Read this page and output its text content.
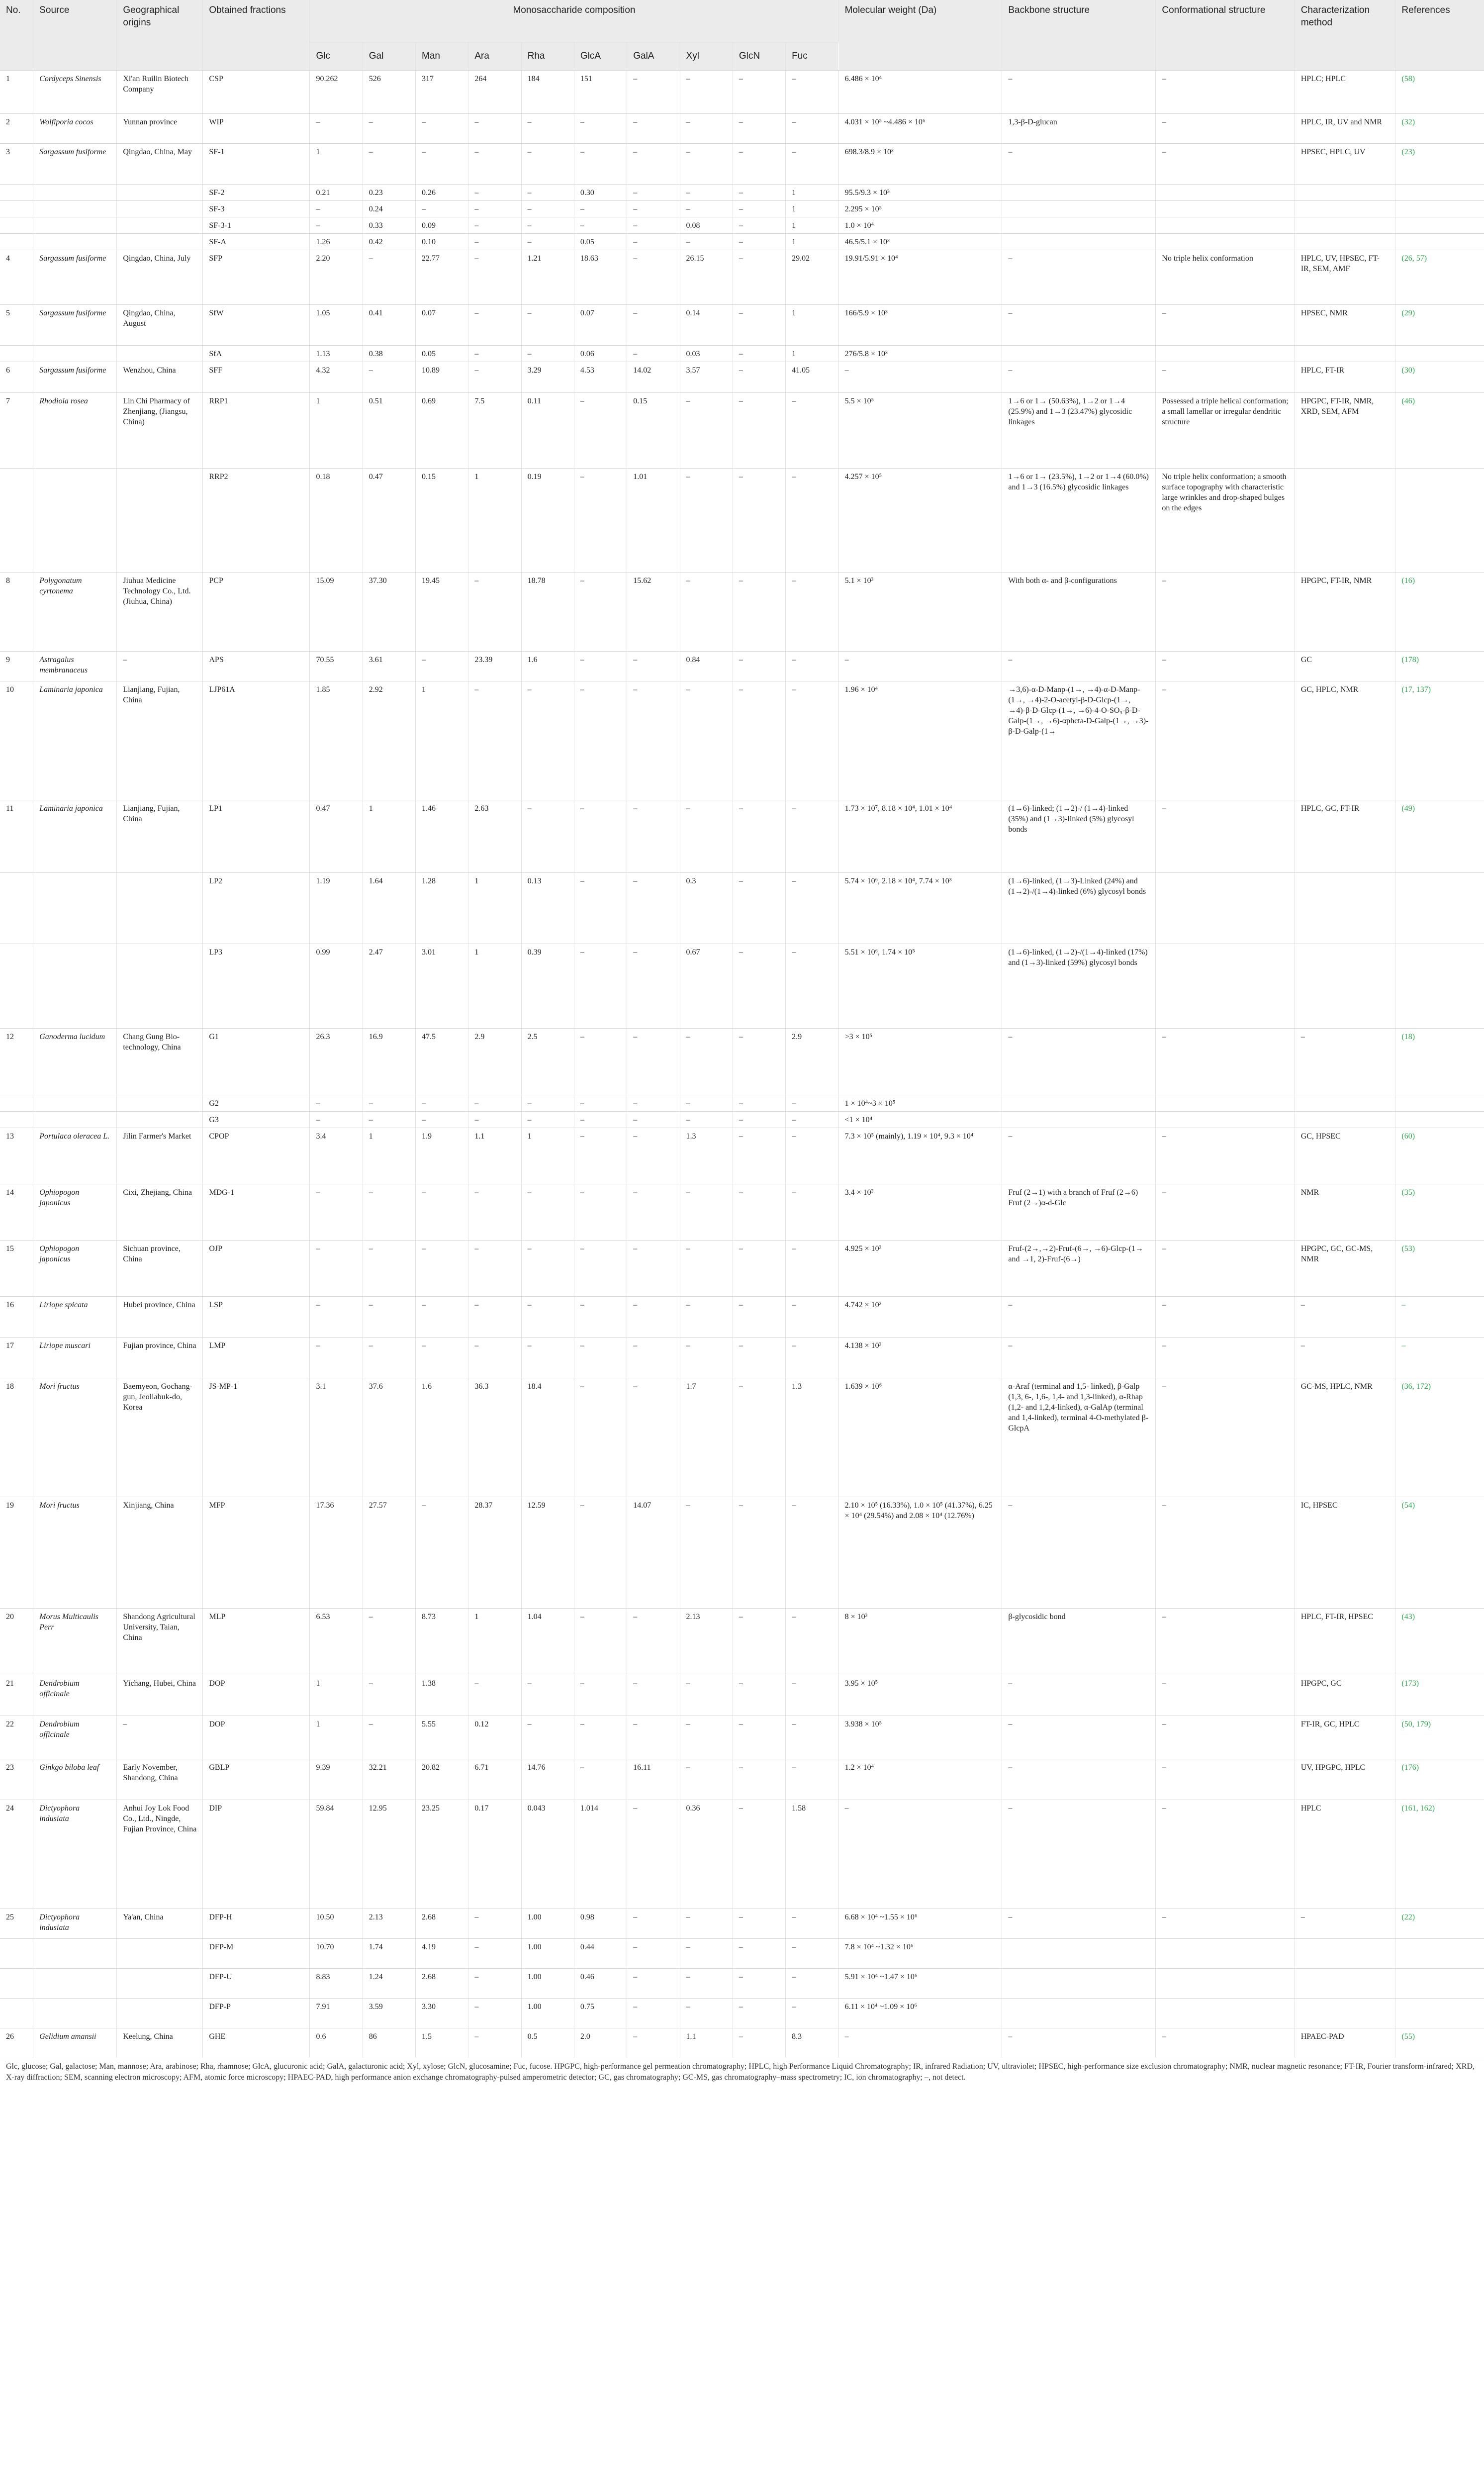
No.	Source	Geographical origins	Obtained fractions	Monosaccharide composition										Molecular weight (Da)	Backbone structure	Conformational structure	Characterization method	References
				Glc	Gal	Man	Ara	Rha	GlcA	GalA	Xyl	GlcN	Fuc					
1	Cordyceps Sinensis	Xi'an Ruilin Biotech Company	CSP	90.262	526	317	264	184	151	–	–	–	–	6.486 × 10⁴	–	–	HPLC; HPLC	(58)
2	Wolfiporia cocos	Yunnan province	WIP	–	–	–	–	–	–	–	–	–	–	4.031 × 10⁵ ~4.486 × 10⁶	1,3-β-D-glucan	–	HPLC, IR, UV and NMR	(32)
3	Sargassum fusiforme	Qingdao, China, May	SF-1	1	–	–	–	–	–	–	–	–	–	698.3/8.9 × 10³	–	–	HPSEC, HPLC, UV	(23)
			SF-2	0.21	0.23	0.26	–	–	0.30	–	–	–	1	95.5/9.3 × 10³				
			SF-3	–	0.24	–	–	–	–	–	–	–	1	2.295 × 10⁵				
			SF-3-1	–	0.33	0.09	–	–	–	–	0.08	–	1	1.0 × 10⁴				
			SF-A	1.26	0.42	0.10	–	–	0.05	–	–	–	1	46.5/5.1 × 10³				
4	Sargassum fusiforme	Qingdao, China, July	SFP	2.20	–	22.77	–	1.21	18.63	–	26.15	–	29.02	19.91/5.91 × 10⁴	–	No triple helix conformation	HPLC, UV, HPSEC, FT-IR, SEM, AMF	(26, 57)
5	Sargassum fusiforme	Qingdao, China, August	SfW	1.05	0.41	0.07	–	–	0.07	–	0.14	–	1	166/5.9 × 10³	–	–	HPSEC, NMR	(29)
			SfA	1.13	0.38	0.05	–	–	0.06	–	0.03	–	1	276/5.8 × 10³				
6	Sargassum fusiforme	Wenzhou, China	SFF	4.32	–	10.89	–	3.29	4.53	14.02	3.57	–	41.05	–	–	–	HPLC, FT-IR	(30)
7	Rhodiola rosea	Lin Chi Pharmacy of Zhenjiang, (Jiangsu, China)	RRP1	1	0.51	0.69	7.5	0.11	–	0.15	–	–	–	5.5 × 10⁵	1→6 or 1→ (50.63%), 1→2 or 1→4 (25.9%) and 1→3 (23.47%) glycosidic linkages	Possessed a triple helical conformation; a small lamellar or irregular dendritic structure	HPGPC, FT-IR, NMR, XRD, SEM, AFM	(46)
			RRP2	0.18	0.47	0.15	1	0.19	–	1.01	–	–	–	4.257 × 10⁵	1→6 or 1→ (23.5%), 1→2 or 1→4 (60.0%) and 1→3 (16.5%) glycosidic linkages	No triple helix conformation; a smooth surface topography with characteristic large wrinkles and drop-shaped bulges on the edges		
8	Polygonatum cyrtonema	Jiuhua Medicine Technology Co., Ltd. (Jiuhua, China)	PCP	15.09	37.30	19.45	–	18.78	–	15.62	–	–	–	5.1 × 10³	With both α- and β-configurations	–	HPGPC, FT-IR, NMR	(16)
9	Astragalus membranaceus	–	APS	70.55	3.61	–	23.39	1.6	–	–	0.84	–	–	–	–	–	GC	(178)
10	Laminaria japonica	Lianjiang, Fujian, China	LJP61A	1.85	2.92	1	–	–	–	–	–	–	–	1.96 × 10⁴	→3,6)-α-D-Manp-(1→, →4)-α-D-Manp-(1→, →4)-2-O-acetyl-β-D-Glcp-(1→, →4)-β-D-Glcp-(1→, →6)-4-O-SO₃-β-D-Galp-(1→, →6)-αphcta-D-Galp-(1→, →3)-β-D-Galp-(1→	–	GC, HPLC, NMR	(17, 137)
11	Laminaria japonica	Lianjiang, Fujian, China	LP1	0.47	1	1.46	2.63	–	–	–	–	–	–	1.73 × 10⁷, 8.18 × 10⁴, 1.01 × 10⁴	(1→6)-linked; (1→2)-/ (1→4)-linked (35%) and (1→3)-linked (5%) glycosyl bonds	–	HPLC, GC, FT-IR	(49)
			LP2	1.19	1.64	1.28	1	0.13	–	–	0.3	–	–	5.74 × 10⁶, 2.18 × 10⁴, 7.74 × 10³	(1→6)-linked, (1→3)-Linked (24%) and (1→2)-/(1→4)-linked (6%) glycosyl bonds			
			LP3	0.99	2.47	3.01	1	0.39	–	–	0.67	–	–	5.51 × 10⁶, 1.74 × 10⁵	(1→6)-linked, (1→2)-/(1→4)-linked (17%) and (1→3)-linked (59%) glycosyl bonds			
12	Ganoderma lucidum	Chang Gung Bio-technology, China	G1	26.3	16.9	47.5	2.9	2.5	–	–	–	–	2.9	>3 × 10⁵	–	–	–	(18)
			G2	–	–	–	–	–	–	–	–	–	–	1 × 10⁴~3 × 10⁵				
			G3	–	–	–	–	–	–	–	–	–	–	<1 × 10⁴				
13	Portulaca oleracea L.	Jilin Farmer's Market	CPOP	3.4	1	1.9	1.1	1	–	–	1.3	–	–	7.3 × 10⁵ (mainly), 1.19 × 10⁴, 9.3 × 10⁴	–	–	GC, HPSEC	(60)
14	Ophiopogon japonicus	Cixi, Zhejiang, China	MDG-1	–	–	–	–	–	–	–	–	–	–	3.4 × 10³	Fruf (2→1) with a branch of Fruf (2→6) Fruf (2→)α-d-Glc	–	NMR	(35)
15	Ophiopogon japonicus	Sichuan province, China	OJP	–	–	–	–	–	–	–	–	–	–	4.925 × 10³	Fruf-(2→,→2)-Fruf-(6→, →6)-Glcp-(1→ and →1, 2)-Fruf-(6→)	–	HPGPC, GC, GC-MS, NMR	(53)
16	Liriope spicata	Hubei province, China	LSP	–	–	–	–	–	–	–	–	–	–	4.742 × 10³	–	–	–	–
17	Liriope muscari	Fujian province, China	LMP	–	–	–	–	–	–	–	–	–	–	4.138 × 10³	–	–	–	–
18	Mori fructus	Baemyeon, Gochang-gun, Jeollabuk-do, Korea	JS-MP-1	3.1	37.6	1.6	36.3	18.4	–	–	1.7	–	1.3	1.639 × 10⁶	α-Araf (terminal and 1,5- linked), β-Galp (1,3, 6-, 1,6-, 1,4- and 1,3-linked), α-Rhap (1,2- and 1,2,4-linked), α-GalAp (terminal and 1,4-linked), terminal 4-O-methylated β-GlcpA	–	GC-MS, HPLC, NMR	(36, 172)
19	Mori fructus	Xinjiang, China	MFP	17.36	27.57	–	28.37	12.59	–	14.07	–	–	–	2.10 × 10⁵ (16.33%), 1.0 × 10⁵ (41.37%), 6.25 × 10⁴ (29.54%) and 2.08 × 10⁴ (12.76%)	–	–	IC, HPSEC	(54)
20	Morus Multicaulis Perr	Shandong Agricultural University, Taian, China	MLP	6.53	–	8.73	1	1.04	–	–	2.13	–	–	8 × 10³	β-glycosidic bond	–	HPLC, FT-IR, HPSEC	(43)
21	Dendrobium officinale	Yichang, Hubei, China	DOP	1	–	1.38	–	–	–	–	–	–	–	3.95 × 10⁵	–	–	HPGPC, GC	(173)
22	Dendrobium officinale	–	DOP	1	–	5.55	0.12	–	–	–	–	–	–	3.938 × 10⁵	–	–	FT-IR, GC, HPLC	(50, 179)
23	Ginkgo biloba leaf	Early November, Shandong, China	GBLP	9.39	32.21	20.82	6.71	14.76	–	16.11	–	–	–	1.2 × 10⁴	–	–	UV, HPGPC, HPLC	(176)
24	Dictyophora indusiata	Anhui Joy Lok Food Co., Ltd., Ningde, Fujian Province, China	DIP	59.84	12.95	23.25	0.17	0.043	1.014	–	0.36	–	1.58	–	–	–	HPLC	(161, 162)
25	Dictyophora indusiata	Ya'an, China	DFP-H	10.50	2.13	2.68	–	1.00	0.98	–	–	–	–	6.68 × 10⁴ ~1.55 × 10⁶	–	–	–	(22)
			DFP-M	10.70	1.74	4.19	–	1.00	0.44	–	–	–	–	7.8 × 10⁴ ~1.32 × 10⁶				
			DFP-U	8.83	1.24	2.68	–	1.00	0.46	–	–	–	–	5.91 × 10⁴ ~1.47 × 10⁶				
			DFP-P	7.91	3.59	3.30	–	1.00	0.75	–	–	–	–	6.11 × 10⁴ ~1.09 × 10⁶				
26	Gelidium amansii	Keelung, China	GHE	0.6	86	1.5	–	0.5	2.0	–	1.1	–	8.3	–	–	–	HPAEC-PAD	(55)
Glc, glucose; Gal, galactose; Man, mannose; Ara, arabinose; Rha, rhamnose; GlcA, glucuronic acid; GalA, galacturonic acid; Xyl, xylose; GlcN, glucosamine; Fuc, fucose. HPGPC, high-performance gel permeation chromatography; HPLC, high Performance Liquid Chromatography; IR, infrared Radiation; UV, ultraviolet; HPSEC, high-performance size exclusion chromatography; NMR, nuclear magnetic resonance; FT-IR, Fourier transform-infrared; XRD, X-ray diffraction; SEM, scanning electron microscopy; AFM, atomic force microscopy; HPAEC-PAD, high performance anion exchange chromatography-pulsed amperometric detector; GC, gas chromatography; GC-MS, gas chromatography–mass spectrometry; IC, ion chromatography; –, not detect.
